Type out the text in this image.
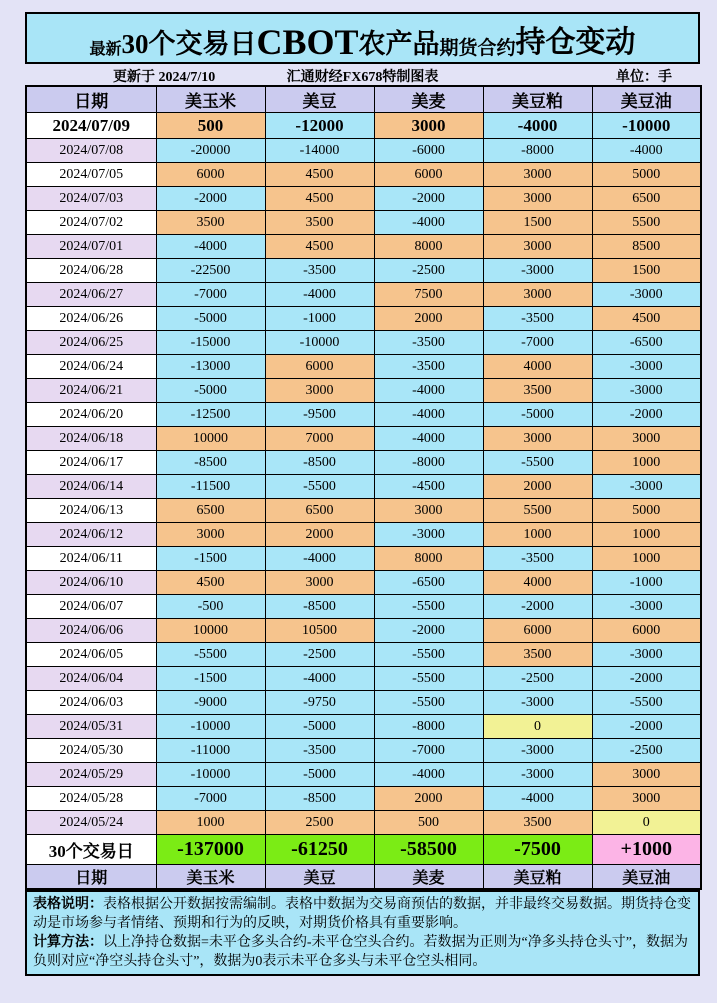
最新 30个交易日 CBOT 农产品 期货合约 持仓变动
更新于 2024/7/10	汇通财经FX678特制图表	单位：手
日期	美玉米	美豆	美麦	美豆粕	美豆油
2024/07/09	500	-12000	3000	-4000	-10000
2024/07/08	-20000	-14000	-6000	-8000	-4000
2024/07/05	6000	4500	6000	3000	5000
2024/07/03	-2000	4500	-2000	3000	6500
2024/07/02	3500	3500	-4000	1500	5500
2024/07/01	-4000	4500	8000	3000	8500
2024/06/28	-22500	-3500	-2500	-3000	1500
2024/06/27	-7000	-4000	7500	3000	-3000
2024/06/26	-5000	-1000	2000	-3500	4500
2024/06/25	-15000	-10000	-3500	-7000	-6500
2024/06/24	-13000	6000	-3500	4000	-3000
2024/06/21	-5000	3000	-4000	3500	-3000
2024/06/20	-12500	-9500	-4000	-5000	-2000
2024/06/18	10000	7000	-4000	3000	3000
2024/06/17	-8500	-8500	-8000	-5500	1000
2024/06/14	-11500	-5500	-4500	2000	-3000
2024/06/13	6500	6500	3000	5500	5000
2024/06/12	3000	2000	-3000	1000	1000
2024/06/11	-1500	-4000	8000	-3500	1000
2024/06/10	4500	3000	-6500	4000	-1000
2024/06/07	-500	-8500	-5500	-2000	-3000
2024/06/06	10000	10500	-2000	6000	6000
2024/06/05	-5500	-2500	-5500	3500	-3000
2024/06/04	-1500	-4000	-5500	-2500	-2000
2024/06/03	-9000	-9750	-5500	-3000	-5500
2024/05/31	-10000	-5000	-8000	0	-2000
2024/05/30	-11000	-3500	-7000	-3000	-2500
2024/05/29	-10000	-5000	-4000	-3000	3000
2024/05/28	-7000	-8500	2000	-4000	3000
2024/05/24	1000	2500	500	3500	0
30个交易日	-137000	-61250	-58500	-7500	+1000
日期	美玉米	美豆	美麦	美豆粕	美豆油
表格说明：表格根据公开数据按需编制。表格中数据为交易商预估的数据，并非最终交易数据。期货持仓变动是市场参与者情绪、预期和行为的反映，对期货价格具有重要影响。
计算方法：以上净持仓数据=未平仓多头合约-未平仓空头合约。若数据为正则为“净多头持仓头寸”，数据为负则对应“净空头持仓头寸”，数据为0表示未平仓多头与未平仓空头相同。
